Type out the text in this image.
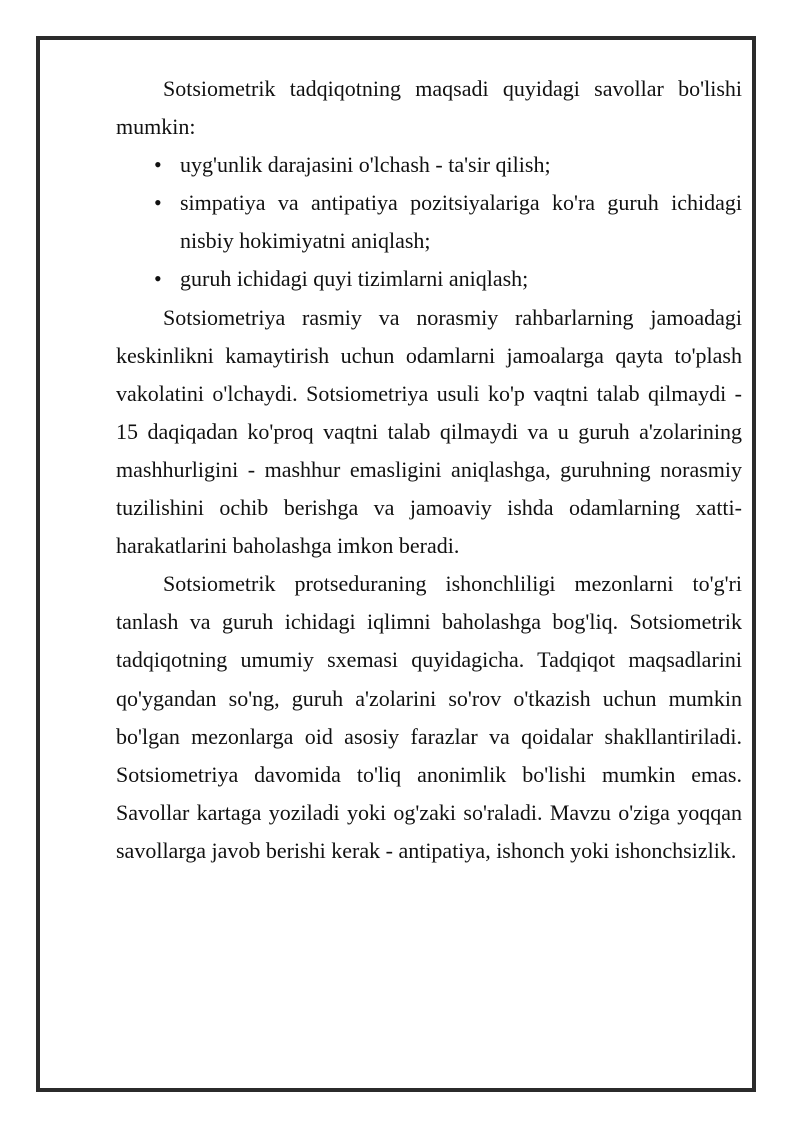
Sotsiometrik tadqiqotning maqsadi quyidagi savollar bo'lishi mumkin:

• uyg'unlik darajasini o'lchash - ta'sir qilish;
• simpatiya va antipatiya pozitsiyalariga ko'ra guruh ichidagi nisbiy hokimiyatni aniqlash;
• guruh ichidagi quyi tizimlarni aniqlash;

Sotsiometriya rasmiy va norasmiy rahbarlarning jamoadagi keskinlikni kamaytirish uchun odamlarni jamoalarga qayta to'plash vakolatini o'lchaydi. Sotsiometriya usuli ko'p vaqtni talab qilmaydi - 15 daqiqadan ko'proq vaqtni talab qilmaydi va u guruh a'zolarining mashhurligini - mashhur emasligini aniqlashga, guruhning norasmiy tuzilishini ochib berishga va jamoaviy ishda odamlarning xatti-harakatlarini baholashga imkon beradi.

Sotsiometrik protseduraning ishonchliligi mezonlarni to'g'ri tanlash va guruh ichidagi iqlimni baholashga bog'liq. Sotsiometrik tadqiqotning umumiy sxemasi quyidagicha. Tadqiqot maqsadlarini qo'ygandan so'ng, guruh a'zolarini so'rov o'tkazish uchun mumkin bo'lgan mezonlarga oid asosiy farazlar va qoidalar shakllantiriladi. Sotsiometriya davomida to'liq anonimlik bo'lishi mumkin emas. Savollar kartaga yoziladi yoki og'zaki so'raladi. Mavzu o'ziga yoqqan savollarga javob berishi kerak - antipatiya, ishonch yoki ishonchsizlik.
